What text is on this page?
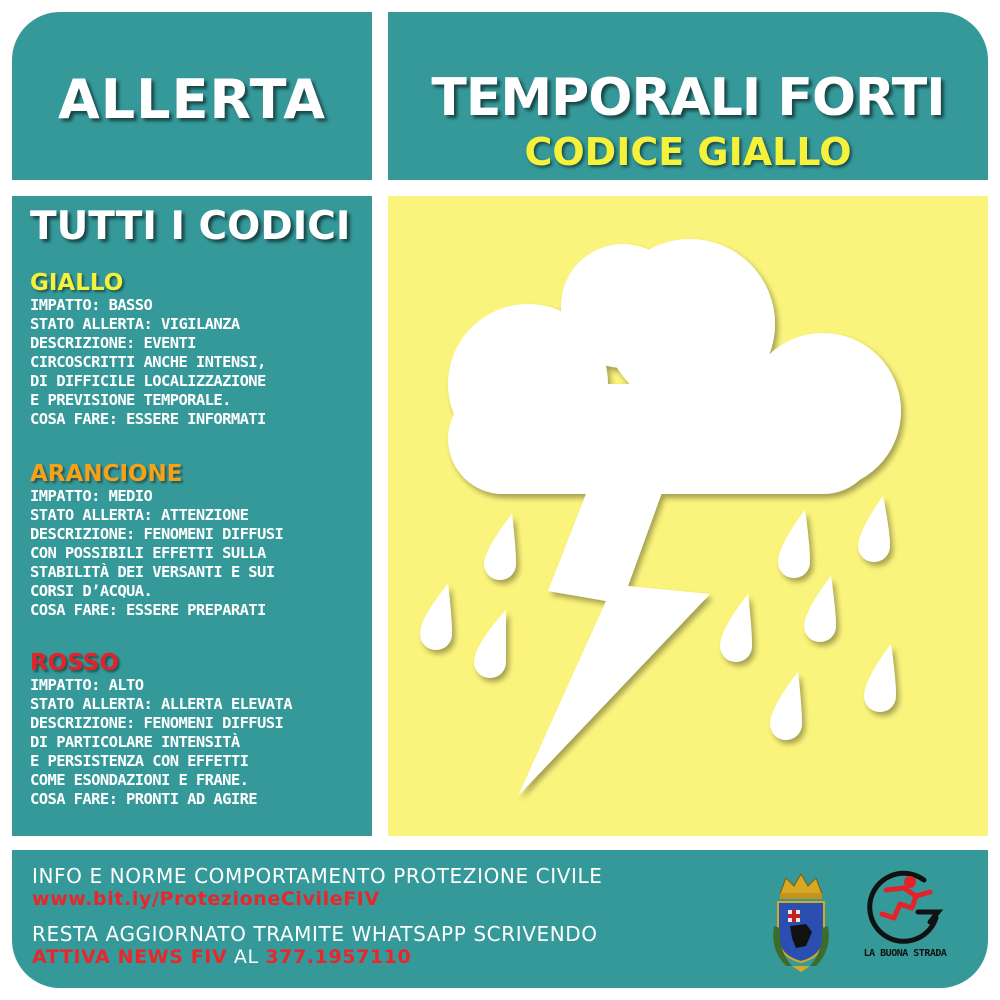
ALLERTA	TEMPORALI FORTI
CODICE GIALLO
TUTTI I CODICI
GIALLO
IMPATTO: BASSO
STATO ALLERTA: VIGILANZA
DESCRIZIONE: EVENTI
CIRCOSCRITTI ANCHE INTENSI,
DI DIFFICILE LOCALIZZAZIONE
E PREVISIONE TEMPORALE.
COSA FARE: ESSERE INFORMATI
ARANCIONE
IMPATTO: MEDIO
STATO ALLERTA: ATTENZIONE
DESCRIZIONE: FENOMENI DIFFUSI
CON POSSIBILI EFFETTI SULLA
STABILITÀ DEI VERSANTI E SUI
CORSI D’ACQUA.
COSA FARE: ESSERE PREPARATI
ROSSO
IMPATTO: ALTO
STATO ALLERTA: ALLERTA ELEVATA
DESCRIZIONE: FENOMENI DIFFUSI
DI PARTICOLARE INTENSITÀ
E PERSISTENZA CON EFFETTI
COME ESONDAZIONI E FRANE.
COSA FARE: PRONTI AD AGIRE
INFO E NORME COMPORTAMENTO PROTEZIONE CIVILE
www.bit.ly/ProtezioneCivileFIV
RESTA AGGIORNATO TRAMITE WHATSAPP SCRIVENDO
ATTIVA NEWS FIV AL 377.1957110	LA BUONA STRADA
